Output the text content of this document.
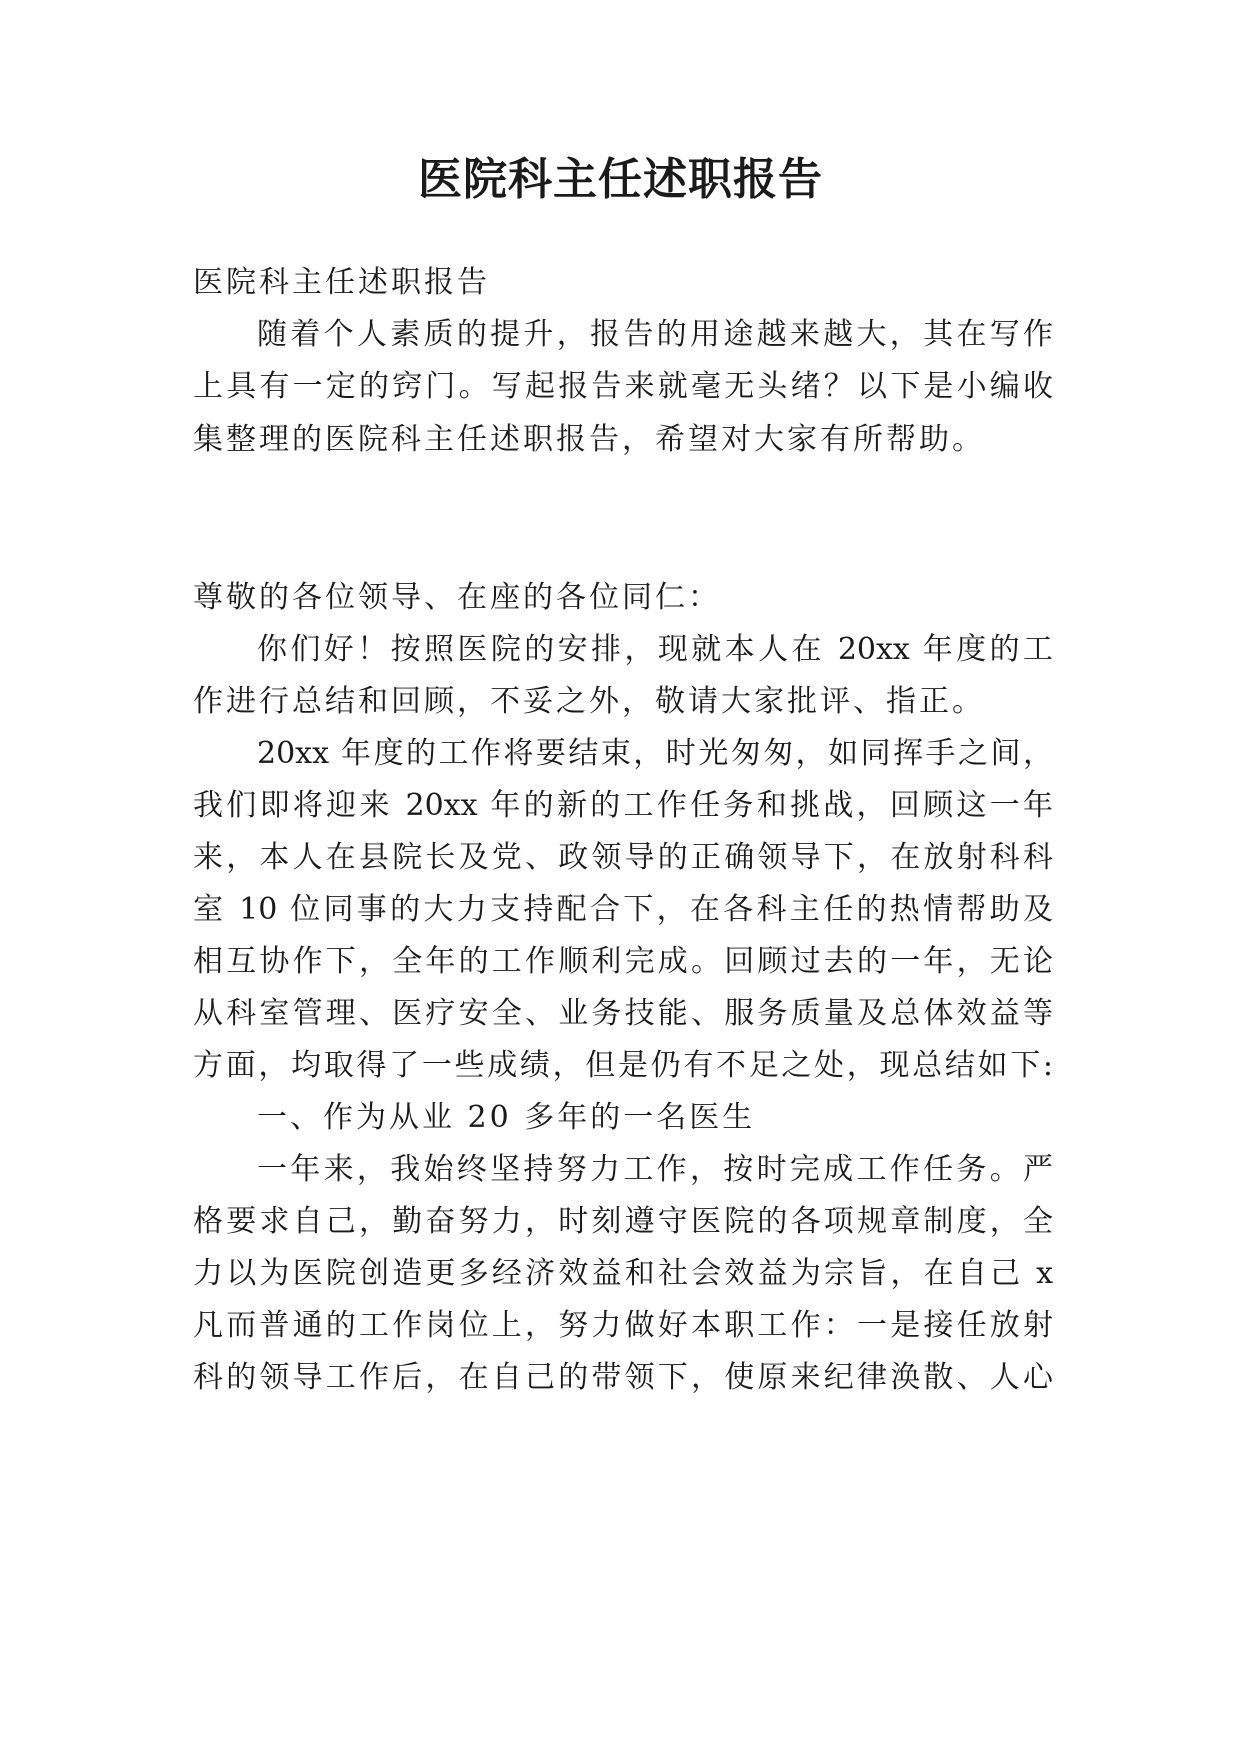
医院科主任述职报告

医院科主任述职报告

随着个人素质的提升，报告的用途越来越大，其在写作

上具有一定的窍门。写起报告来就毫无头绪？以下是小编收

集整理的医院科主任述职报告，希望对大家有所帮助。

尊敬的各位领导、在座的各位同仁：

你们好！按照医院的安排，现就本人在 20xx 年度的工

作进行总结和回顾，不妥之外，敬请大家批评、指正。

20xx 年度的工作将要结束，时光匆匆，如同挥手之间，

我们即将迎来 20xx 年的新的工作任务和挑战，回顾这一年

来，本人在县院长及党、政领导的正确领导下，在放射科科

室 10 位同事的大力支持配合下，在各科主任的热情帮助及

相互协作下，全年的工作顺利完成。回顾过去的一年，无论

从科室管理、医疗安全、业务技能、服务质量及总体效益等

方面，均取得了一些成绩，但是仍有不足之处，现总结如下:

一、作为从业 20 多年的一名医生

一年来，我始终坚持努力工作，按时完成工作任务。严

格要求自己，勤奋努力，时刻遵守医院的各项规章制度，全

力以为医院创造更多经济效益和社会效益为宗旨，在自己 x

凡而普通的工作岗位上，努力做好本职工作：一是接任放射

科的领导工作后，在自己的带领下，使原来纪律涣散、人心
